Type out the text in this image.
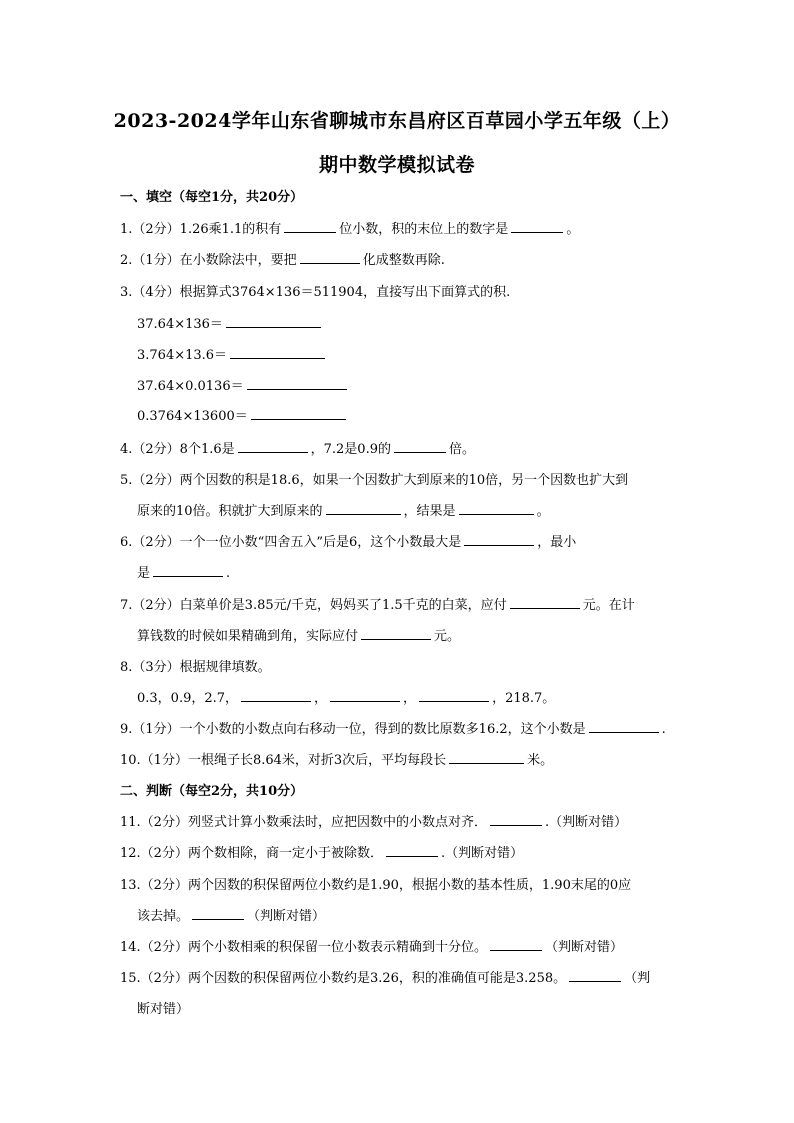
2023-2024学年山东省聊城市东昌府区百草园小学五年级（上）
期中数学模拟试卷
一、填空（每空1分，共20分）
1.（2分）1.26乘1.1的积有	位小数，积的末位上的数字是	。
2.（1分）在小数除法中，要把	化成整数再除.
3.（4分）根据算式3764×136＝511904，直接写出下面算式的积.
37.64×136＝
3.764×13.6＝
37.64×0.0136＝
0.3764×13600＝
4.（2分）8个1.6是	，7.2是0.9的	倍。
5.（2分）两个因数的积是18.6，如果一个因数扩大到原来的10倍，另一个因数也扩大到
原来的10倍。积就扩大到原来的	，结果是	。
6.（2分）一个一位小数“四舍五入”后是6，这个小数最大是	，最小
是	.
7.（2分）白菜单价是3.85元/千克，妈妈买了1.5千克的白菜，应付	元。在计
算钱数的时候如果精确到角，实际应付	元。
8.（3分）根据规律填数。
0.3，0.9，2.7，	，	，	，218.7。
9.（1分）一个小数的小数点向右移动一位，得到的数比原数多16.2，这个小数是	.
10.（1分）一根绳子长8.64米，对折3次后，平均每段长	米。
二、判断（每空2分，共10分）
11.（2分）列竖式计算小数乘法时，应把因数中的小数点对齐．	.（判断对错）
12.（2分）两个数相除，商一定小于被除数．	.（判断对错）
13.（2分）两个因数的积保留两位小数约是1.90，根据小数的基本性质，1.90末尾的0应
该去掉。	（判断对错）
14.（2分）两个小数相乘的积保留一位小数表示精确到十分位。	（判断对错）
15.（2分）两个因数的积保留两位小数约是3.26，积的准确值可能是3.258。	（判
断对错）
